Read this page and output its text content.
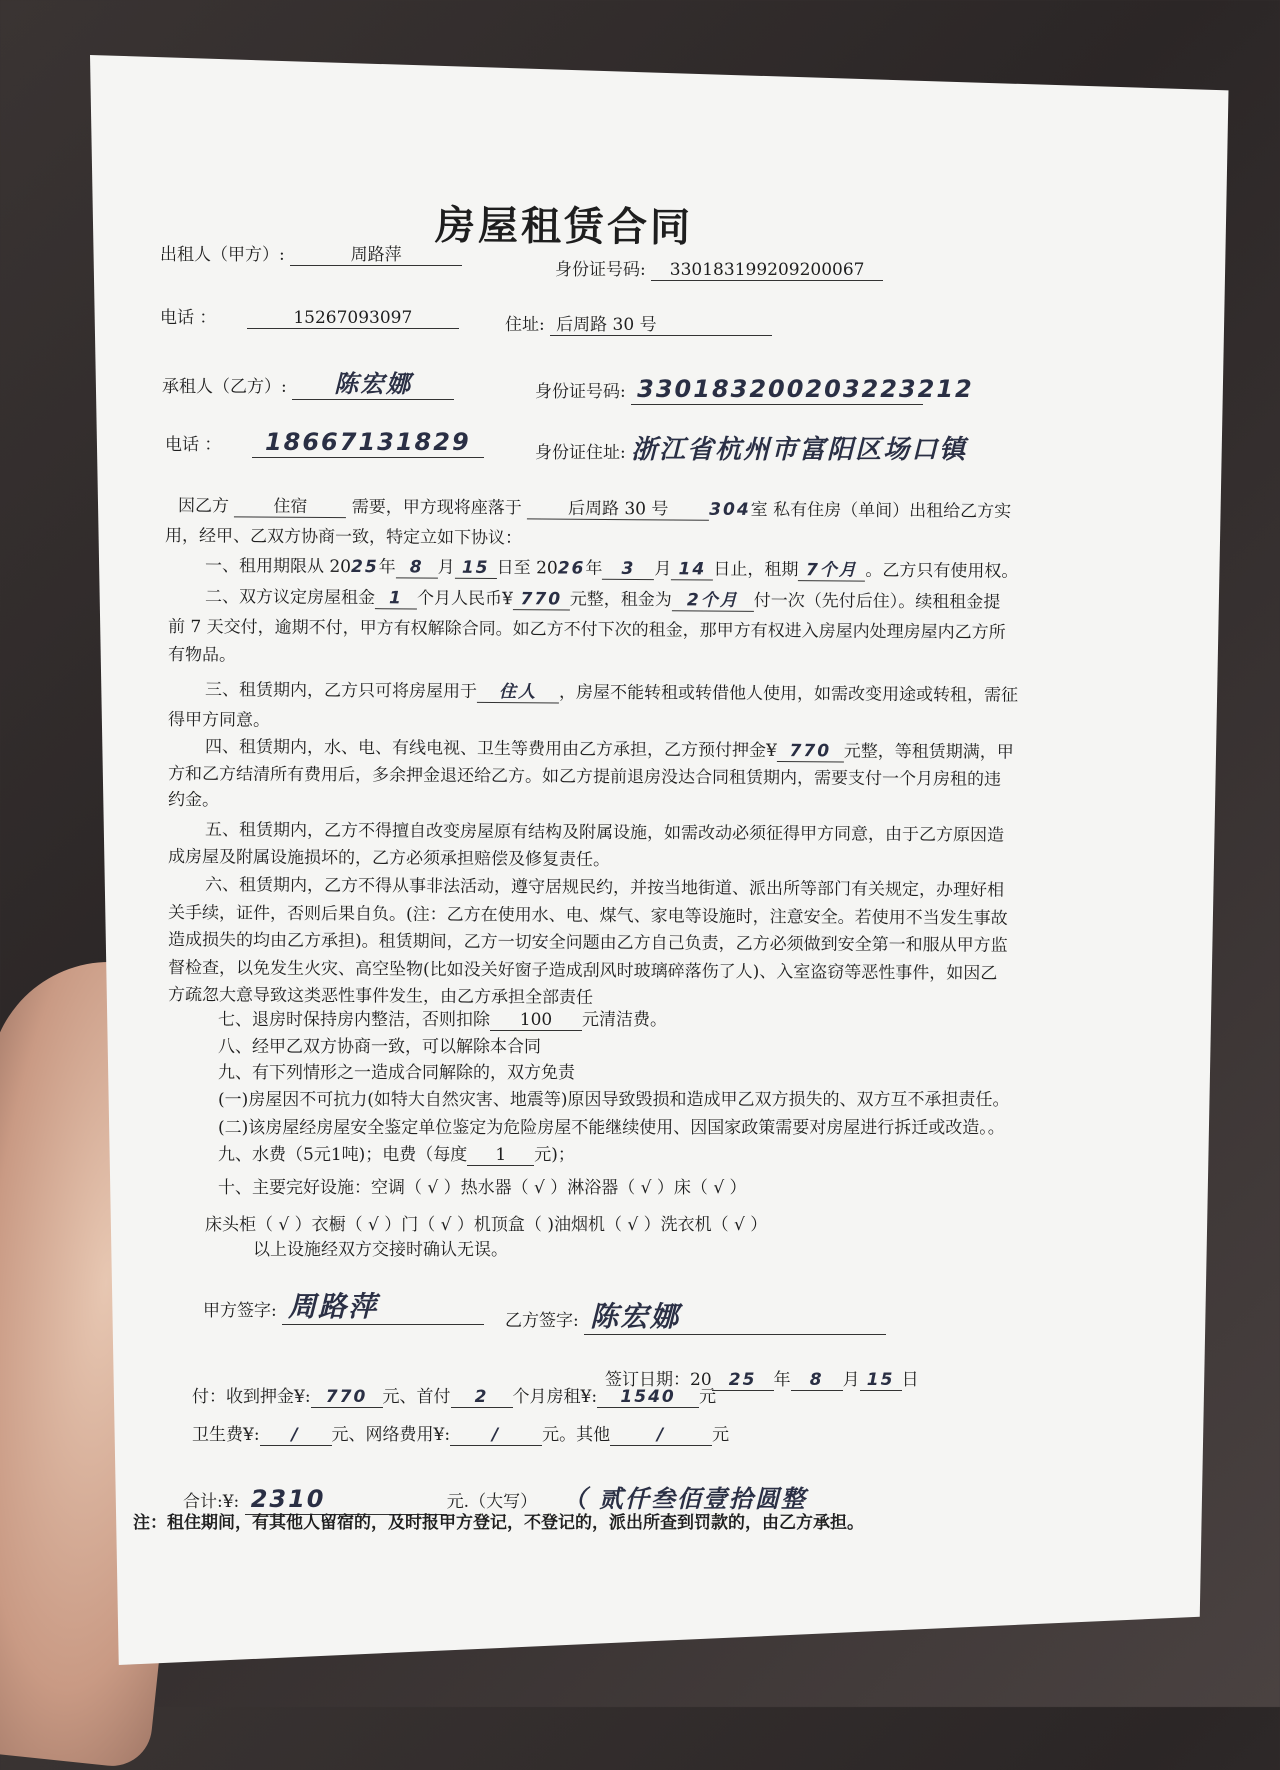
房屋租赁合同
出租人（甲方）:	周路萍
身份证号码: 330183199209200067
电话 ：	15267093097	住址: 后周路 30 号
承租人（乙方）: 陈宏娜	身份证号码: 330183200203223212
电话 ： 18667131829	身份证住址: 浙江省杭州市富阳区场口镇
因乙方	住宿	需要，甲方现将座落于	后周路 30 号 304室 私有住房（单间）出租给乙方实
用，经甲、乙双方协商一致，特定立如下协议：
一、租用期限从 2025年 8 月 15 日至 2026年 3 月 14 日止，租期 7个月 。乙方只有使用权。
二、双方议定房屋租金 1 个月人民币¥ 770 元整，租金为 2个月 付一次（先付后住）。续租租金提
前 7 天交付，逾期不付，甲方有权解除合同。如乙方不付下次的租金，那甲方有权进入房屋内处理房屋内乙方所
有物品。
三、租赁期内，乙方只可将房屋用于 住人 ，房屋不能转租或转借他人使用，如需改变用途或转租，需征
得甲方同意。
四、租赁期内，水、电、有线电视、卫生等费用由乙方承担，乙方预付押金¥ 770 元整，等租赁期满，甲
方和乙方结清所有费用后，多余押金退还给乙方。如乙方提前退房没达合同租赁期内，需要支付一个月房租的违
约金。
五、租赁期内，乙方不得擅自改变房屋原有结构及附属设施，如需改动必须征得甲方同意，由于乙方原因造
成房屋及附属设施损坏的，乙方必须承担赔偿及修复责任。
六、租赁期内，乙方不得从事非法活动，遵守居规民约，并按当地街道、派出所等部门有关规定，办理好相
关手续，证件，否则后果自负。(注：乙方在使用水、电、煤气、家电等设施时，注意安全。若使用不当发生事故
造成损失的均由乙方承担)。租赁期间，乙方一切安全问题由乙方自己负责，乙方必须做到安全第一和服从甲方监
督检查，以免发生火灾、高空坠物(比如没关好窗子造成刮风时玻璃碎落伤了人)、入室盗窃等恶性事件，如因乙
方疏忽大意导致这类恶性事件发生，由乙方承担全部责任
七、退房时保持房内整洁，否则扣除 100 元清洁费。
八、经甲乙双方协商一致，可以解除本合同
九、有下列情形之一造成合同解除的，双方免责
(一)房屋因不可抗力(如特大自然灾害、地震等)原因导致毁损和造成甲乙双方损失的、双方互不承担责任。
(二)该房屋经房屋安全鉴定单位鉴定为危险房屋不能继续使用、因国家政策需要对房屋进行拆迁或改造。。
九、水费（5元1吨)；电费（每度 1 元)；
十、主要完好设施：空调（ √ ）热水器（ √ ）淋浴器（ √ ）床（ √ ）
床头柜（ √ ）衣橱（ √ ）门（ √ ）机顶盒（ )油烟机（ √ ）洗衣机（ √ ）
以上设施经双方交接时确认无误。
甲方签字: 周路萍	乙方签字: 陈宏娜
签订日期：20 25 年 8 月 15 日
付：收到押金¥: 770 元、首付 2 个月房租¥: 1540 元
卫生费¥: / 元、网络费用¥: / 元。其他	/	元
合计:¥: 2310	元.（大写） （ 贰仟叁佰壹拾圆整
注：租住期间，有其他人留宿的，及时报甲方登记，不登记的，派出所查到罚款的，由乙方承担。
